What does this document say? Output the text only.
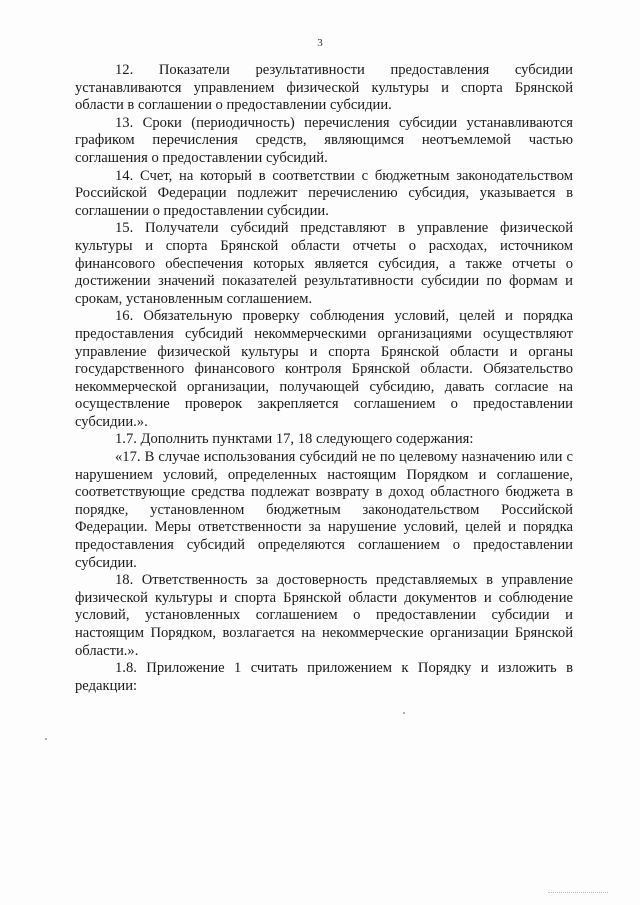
3

12. Показатели результативности предоставления субсидии устанавливаются управлением физической культуры и спорта Брянской области в соглашении о предоставлении субсидии.

13. Сроки (периодичность) перечисления субсидии устанавливаются графиком перечисления средств, являющимся неотъемлемой частью соглашения о предоставлении субсидий.

14. Счет, на который в соответствии с бюджетным законодательством Российской Федерации подлежит перечислению субсидия, указывается в соглашении о предоставлении субсидии.

15. Получатели субсидий представляют в управление физической культуры и спорта Брянской области отчеты о расходах, источником финансового обеспечения которых является субсидия, а также отчеты о достижении значений показателей результативности субсидии по формам и срокам, установленным соглашением.

16. Обязательную проверку соблюдения условий, целей и порядка предоставления субсидий некоммерческими организациями осуществляют управление физической культуры и спорта Брянской области и органы государственного финансового контроля Брянской области. Обязательство некоммерческой организации, получающей субсидию, давать согласие на осуществление проверок закрепляется соглашением о предоставлении субсидии.».

1.7. Дополнить пунктами 17, 18 следующего содержания:

«17. В случае использования субсидий не по целевому назначению или с нарушением условий, определенных настоящим Порядком и соглашение, соответствующие средства подлежат возврату в доход областного бюджета в порядке, установленном бюджетным законодательством Российской Федерации. Меры ответственности за нарушение условий, целей и порядка предоставления субсидий определяются соглашением о предоставлении субсидии.

18. Ответственность за достоверность представляемых в управление физической культуры и спорта Брянской области документов и соблюдение условий, установленных соглашением о предоставлении субсидии и настоящим Порядком, возлагается на некоммерческие организации Брянской области.».

1.8. Приложение 1 считать приложением к Порядку и изложить в редакции:
